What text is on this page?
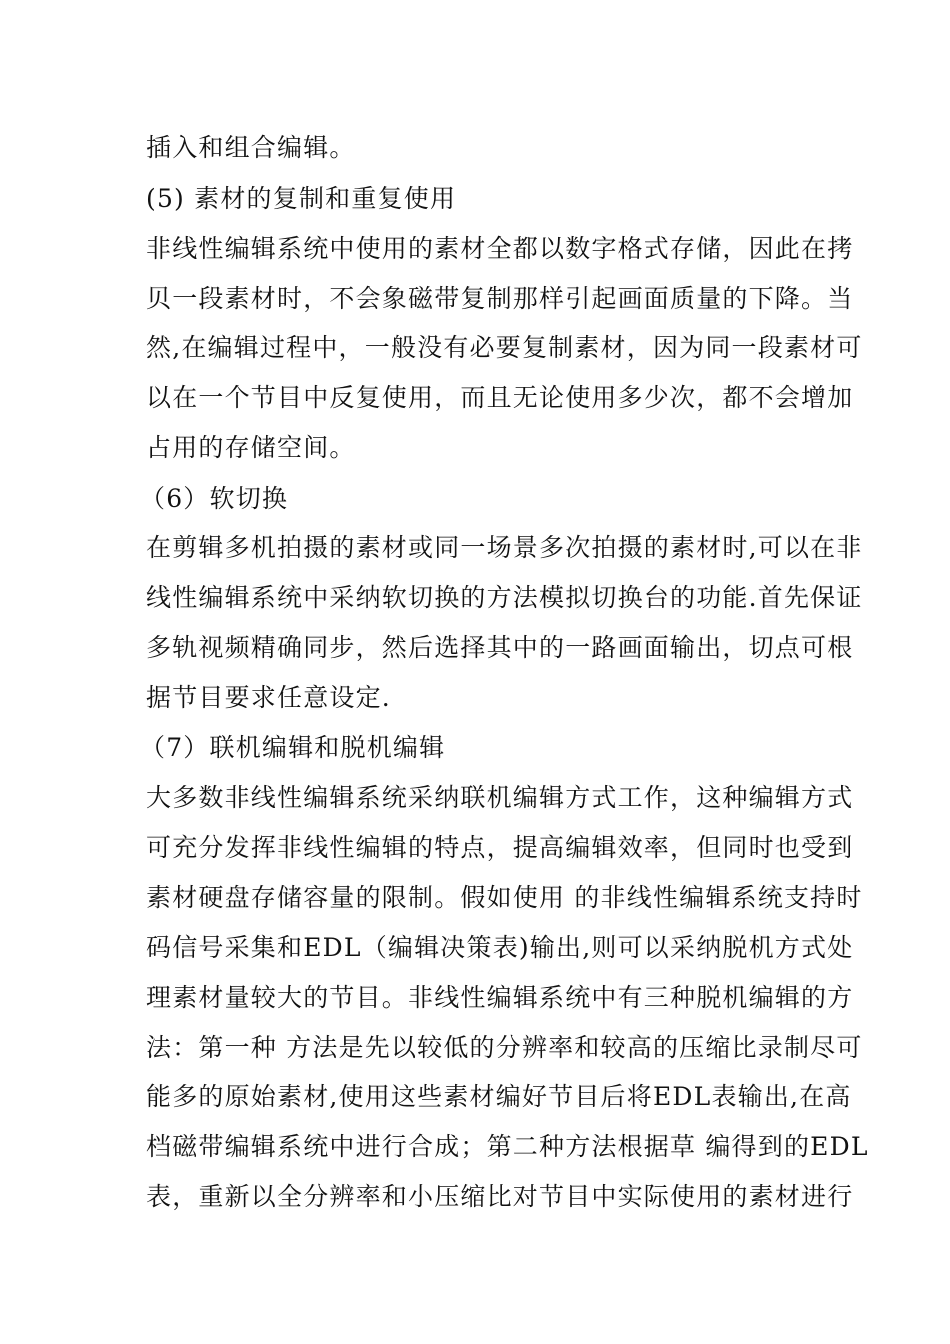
插入和组合编辑。
(5) 素材的复制和重复使用
非线性编辑系统中使用的素材全都以数字格式存储，因此在拷
贝一段素材时，不会象磁带复制那样引起画面质量的下降。当
然,在编辑过程中，一般没有必要复制素材，因为同一段素材可
以在一个节目中反复使用，而且无论使用多少次，都不会增加
占用的存储空间。
（6）软切换
在剪辑多机拍摄的素材或同一场景多次拍摄的素材时,可以在非
线性编辑系统中采纳软切换的方法模拟切换台的功能.首先保证
多轨视频精确同步，然后选择其中的一路画面输出，切点可根
据节目要求任意设定.
（7）联机编辑和脱机编辑
大多数非线性编辑系统采纳联机编辑方式工作，这种编辑方式
可充分发挥非线性编辑的特点，提高编辑效率，但同时也受到
素材硬盘存储容量的限制。假如使用 的非线性编辑系统支持时
码信号采集和EDL（编辑决策表)输出,则可以采纳脱机方式处
理素材量较大的节目。非线性编辑系统中有三种脱机编辑的方
法：第一种 方法是先以较低的分辨率和较高的压缩比录制尽可
能多的原始素材,使用这些素材编好节目后将EDL表输出,在高
档磁带编辑系统中进行合成；第二种方法根据草 编得到的EDL
表，重新以全分辨率和小压缩比对节目中实际使用的素材进行
